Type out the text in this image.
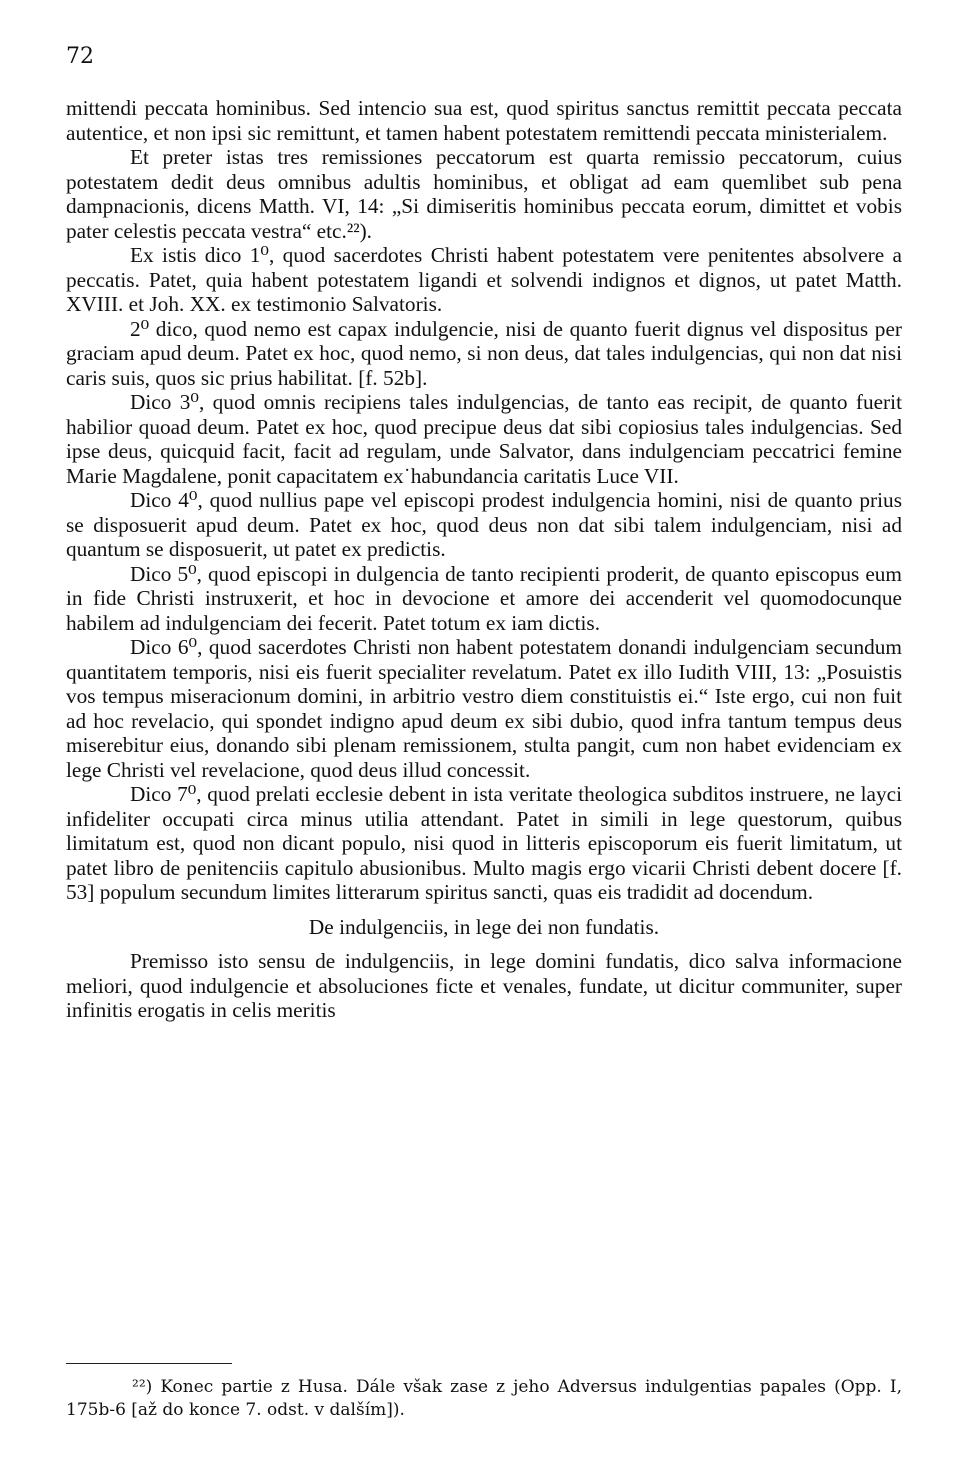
72

mittendi peccata hominibus. Sed intencio sua est, quod spiritus sanctus remittit peccata peccata autentice, et non ipsi sic remittunt, et tamen habent potestatem remittendi peccata ministerialem.

Et preter istas tres remissiones peccatorum est quarta remissio peccatorum, cuius potestatem dedit deus omnibus adultis hominibus, et obligat ad eam quemlibet sub pena dampnacionis, dicens Matth. VI, 14: „Si dimiseritis hominibus peccata eorum, dimittet et vobis pater celestis peccata vestra“ etc.²²).

Ex istis dico 1⁰, quod sacerdotes Christi habent potestatem vere penitentes absolvere a peccatis. Patet, quia habent potestatem ligandi et solvendi indignos et dignos, ut patet Matth. XVIII. et Joh. XX. ex testimonio Salvatoris.

2⁰ dico, quod nemo est capax indulgencie, nisi de quanto fuerit dignus vel dispositus per graciam apud deum. Patet ex hoc, quod nemo, si non deus, dat tales indulgencias, qui non dat nisi caris suis, quos sic prius habilitat. [f. 52b].

Dico 3⁰, quod omnis recipiens tales indulgencias, de tanto eas recipit, de quanto fuerit habilior quoad deum. Patet ex hoc, quod precipue deus dat sibi copiosius tales indulgencias. Sed ipse deus, quicquid facit, facit ad regulam, unde Salvator, dans indulgenciam peccatrici femine Marie Magdalene, ponit capacitatem ex˙habundancia caritatis Luce VII.

Dico 4⁰, quod nullius pape vel episcopi prodest indulgencia homini, nisi de quanto prius se disposuerit apud deum. Patet ex hoc, quod deus non dat sibi talem indulgenciam, nisi ad quantum se disposuerit, ut patet ex predictis.

Dico 5⁰, quod episcopi in dulgencia de tanto recipienti proderit, de quanto episcopus eum in fide Christi instruxerit, et hoc in devocione et amore dei accenderit vel quomodocunque habilem ad indulgenciam dei fecerit. Patet totum ex iam dictis.

Dico 6⁰, quod sacerdotes Christi non habent potestatem donandi indulgenciam secundum quantitatem temporis, nisi eis fuerit specialiter revelatum. Patet ex illo Iudith VIII, 13: „Posuistis vos tempus miseracionum domini, in arbitrio vestro diem constituistis ei.“ Iste ergo, cui non fuit ad hoc revelacio, qui spondet indigno apud deum ex sibi dubio, quod infra tantum tempus deus miserebitur eius, donando sibi plenam remissionem, stulta pangit, cum non habet evidenciam ex lege Christi vel revelacione, quod deus illud concessit.

Dico 7⁰, quod prelati ecclesie debent in ista veritate theologica subditos instruere, ne layci infideliter occupati circa minus utilia attendant. Patet in simili in lege questorum, quibus limitatum est, quod non dicant populo, nisi quod in litteris episcoporum eis fuerit limitatum, ut patet libro de penitenciis capitulo abusionibus. Multo magis ergo vicarii Christi debent docere [f. 53] populum secundum limites litterarum spiritus sancti, quas eis tradidit ad docendum.

De indulgenciis, in lege dei non fundatis.

Premisso isto sensu de indulgenciis, in lege domini fundatis, dico salva informacione meliori, quod indulgencie et absoluciones ficte et venales, fundate, ut dicitur communiter, super infinitis erogatis in celis meritis

²²) Konec partie z Husa. Dále však zase z jeho Adversus indulgentias papales (Opp. I, 175b-6 [až do konce 7. odst. v dalším]).
